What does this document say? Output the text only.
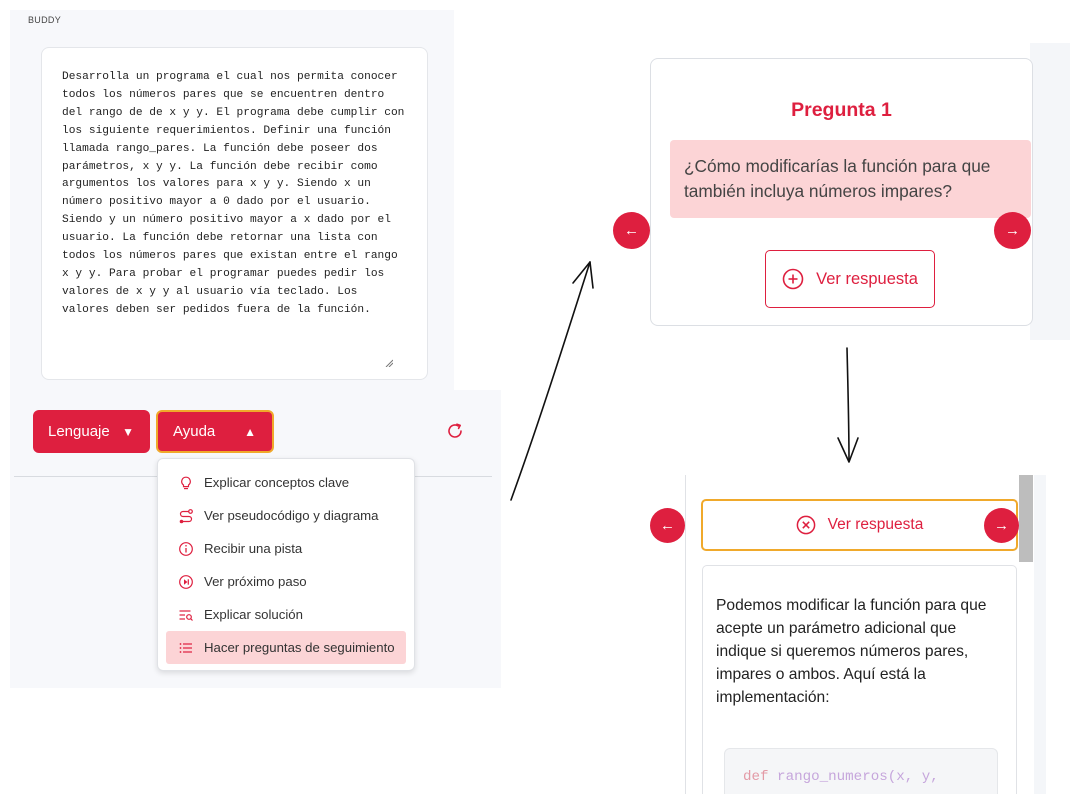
BUDDY
Desarrolla un programa el cual nos permita conocer todos los números pares que se encuentren dentro del rango de de x y y. El programa debe cumplir con los siguiente requerimientos. Definir una función llamada rango_pares. La función debe poseer dos parámetros, x y y. La función debe recibir como argumentos los valores para x y y. Siendo x un número positivo mayor a 0 dado por el usuario. Siendo y un número positivo mayor a x dado por el usuario. La función debe retornar una lista con todos los números pares que existan entre el rango x y y. Para probar el programar puedes pedir los valores de x y y al usuario vía teclado. Los valores deben ser pedidos fuera de la función.
Lenguaje ▼	Ayuda ▲
Explicar conceptos clave
Ver pseudocódigo y diagrama
Recibir una pista
Ver próximo paso
Explicar solución
Hacer preguntas de seguimiento
Pregunta 1
¿Cómo modificarías la función para que también incluya números impares?
Ver respuesta
←	→
Ver respuesta
←	→
Podemos modificar la función para que acepte un parámetro adicional que indique si queremos números pares, impares o ambos. Aquí está la implementación:
def rango_numeros(x, y,
